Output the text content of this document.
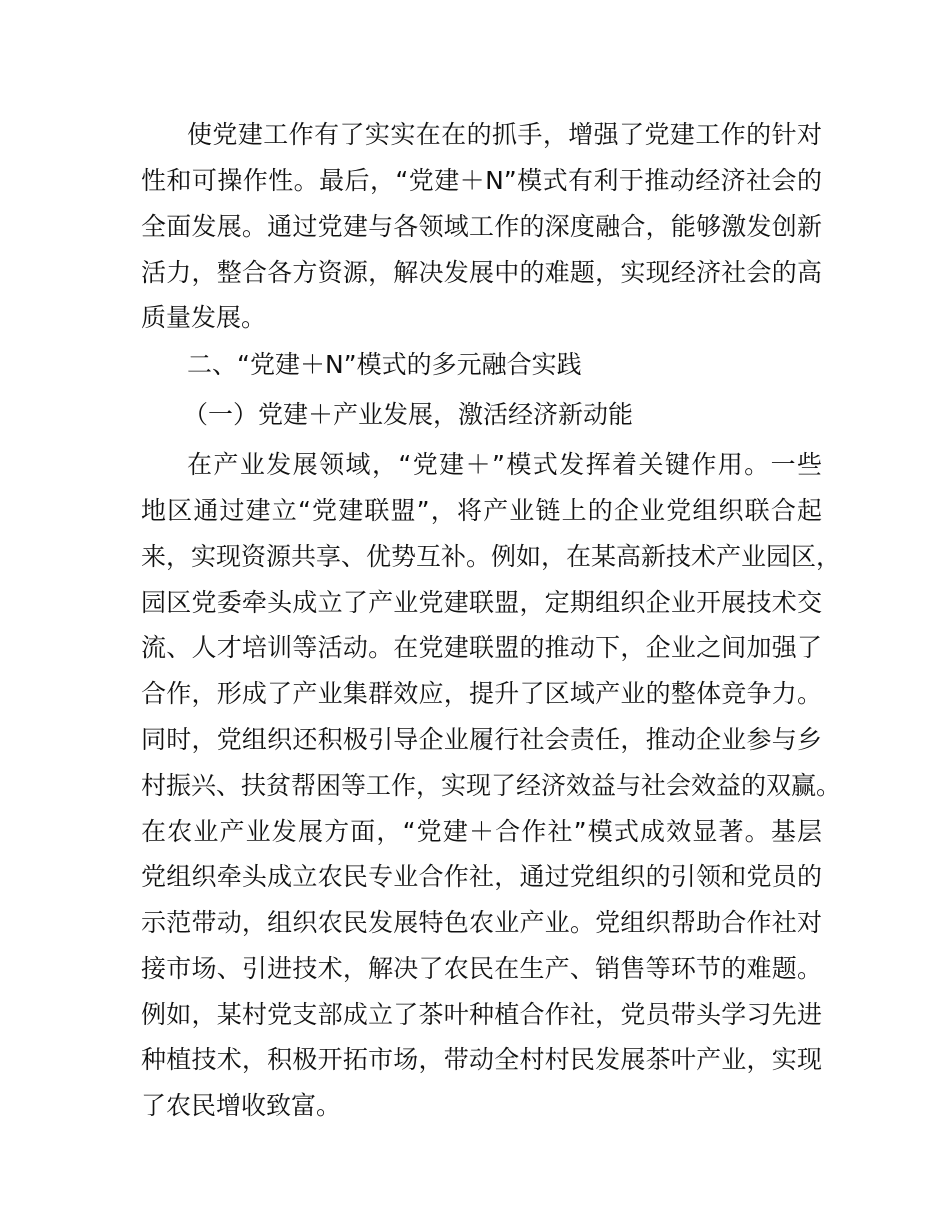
使党建工作有了实实在在的抓手，增强了党建工作的针对
性和可操作性。最后，“党建＋N”模式有利于推动经济社会的
全面发展。通过党建与各领域工作的深度融合，能够激发创新
活力，整合各方资源，解决发展中的难题，实现经济社会的高
质量发展。
二、“党建＋N”模式的多元融合实践
（一）党建＋产业发展，激活经济新动能
在产业发展领域，“党建＋”模式发挥着关键作用。一些
地区通过建立“党建联盟”，将产业链上的企业党组织联合起
来，实现资源共享、优势互补。例如，在某高新技术产业园区，
园区党委牵头成立了产业党建联盟，定期组织企业开展技术交
流、人才培训等活动。在党建联盟的推动下，企业之间加强了
合作，形成了产业集群效应，提升了区域产业的整体竞争力。
同时，党组织还积极引导企业履行社会责任，推动企业参与乡
村振兴、扶贫帮困等工作，实现了经济效益与社会效益的双赢。
在农业产业发展方面，“党建＋合作社”模式成效显著。基层
党组织牵头成立农民专业合作社，通过党组织的引领和党员的
示范带动，组织农民发展特色农业产业。党组织帮助合作社对
接市场、引进技术，解决了农民在生产、销售等环节的难题。
例如，某村党支部成立了茶叶种植合作社，党员带头学习先进
种植技术，积极开拓市场，带动全村村民发展茶叶产业，实现
了农民增收致富。
